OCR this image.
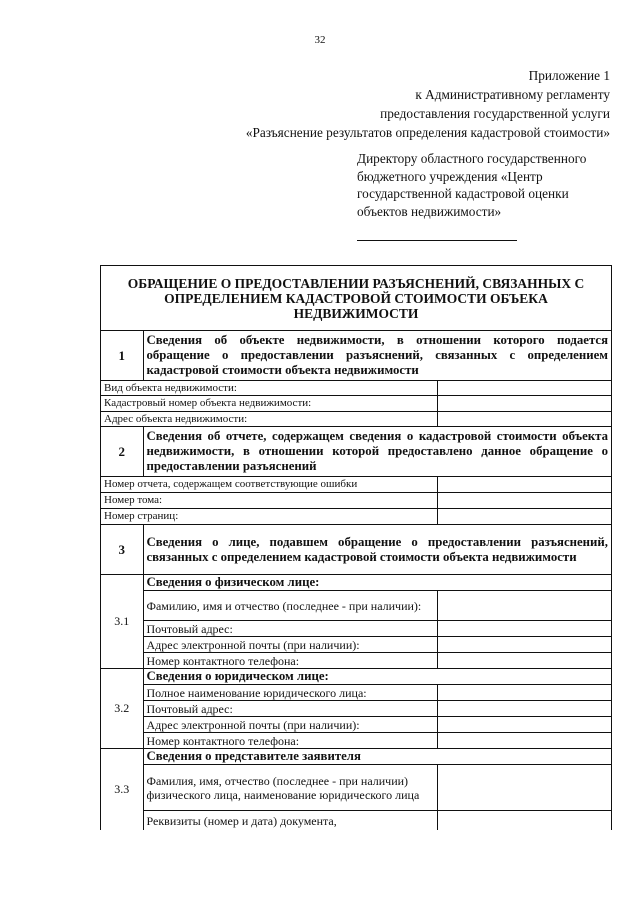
32
Приложение 1
к Административному регламенту
предоставления государственной услуги
«Разъяснение результатов определения кадастровой стоимости»
Директору областного государственного
бюджетного учреждения «Центр
государственной кадастровой оценки
объектов недвижимости»
ОБРАЩЕНИЕ О ПРЕДОСТАВЛЕНИИ РАЗЪЯСНЕНИЙ, СВЯЗАННЫХ С ОПРЕДЕЛЕНИЕМ КАДАСТРОВОЙ СТОИМОСТИ ОБЪЕКА НЕДВИЖИМОСТИ		
1	Сведения об объекте недвижимости, в отношении которого подается обращение о предоставлении разъяснений, связанных с определением кадастровой стоимости объекта недвижимости	
Вид объекта недвижимости:		
Кадастровый номер объекта недвижимости:		
Адрес объекта недвижимости:		
2	Сведения об отчете, содержащем сведения о кадастровой стоимости объекта недвижимости, в отношении которой предоставлено данное обращение о предоставлении разъяснений	
Номер отчета, содержащем соответствующие ошибки		
Номер тома:		
Номер страниц:		
3	Сведения о лице, подавшем обращение о предоставлении разъяснений, связанных с определением кадастровой стоимости объекта недвижимости	
3.1	Сведения о физическом лице:	
	Фамилию, имя и отчество (последнее - при наличии):	
	Почтовый адрес:	
	Адрес электронной почты (при наличии):	
	Номер контактного телефона:	
3.2	Сведения о юридическом лице:	
	Полное наименование юридического лица:	
	Почтовый адрес:	
	Адрес электронной почты (при наличии):	
	Номер контактного телефона:	
3.3	Сведения о представителе заявителя	
	Фамилия, имя, отчество (последнее - при наличии) физического лица, наименование юридического лица	
	Реквизиты (номер и дата) документа,	
